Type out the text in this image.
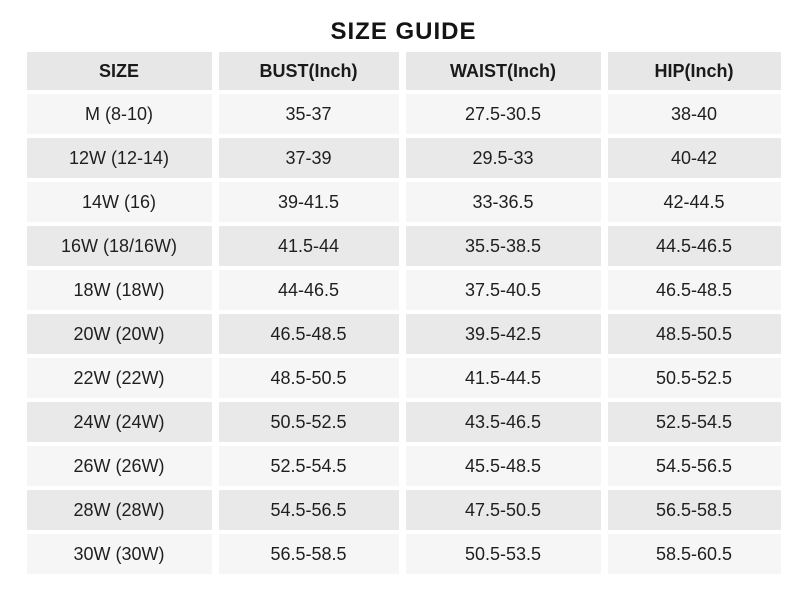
SIZE GUIDE
SIZE	BUST(Inch)	WAIST(Inch)	HIP(Inch)
M (8-10)	35-37	27.5-30.5	38-40
12W (12-14)	37-39	29.5-33	40-42
14W (16)	39-41.5	33-36.5	42-44.5
16W (18/16W)	41.5-44	35.5-38.5	44.5-46.5
18W (18W)	44-46.5	37.5-40.5	46.5-48.5
20W (20W)	46.5-48.5	39.5-42.5	48.5-50.5
22W (22W)	48.5-50.5	41.5-44.5	50.5-52.5
24W (24W)	50.5-52.5	43.5-46.5	52.5-54.5
26W (26W)	52.5-54.5	45.5-48.5	54.5-56.5
28W (28W)	54.5-56.5	47.5-50.5	56.5-58.5
30W (30W)	56.5-58.5	50.5-53.5	58.5-60.5
